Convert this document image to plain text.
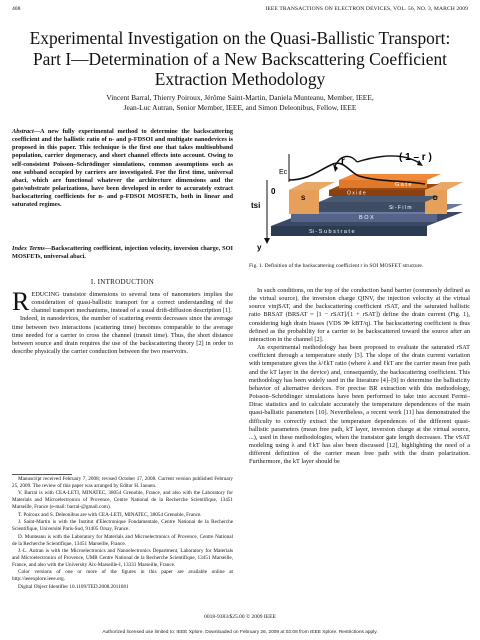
408	IEEE TRANSACTIONS ON ELECTRON DEVICES, VOL. 56, NO. 3, MARCH 2009
Experimental Investigation on the Quasi-Ballistic Transport: Part I—Determination of a New Backscattering Coefficient Extraction Methodology
Vincent Barral, Thierry Poiroux, Jérôme Saint-Martin, Daniela Munteanu, Member, IEEE,
Jean-Luc Autran, Senior Member, IEEE, and Simon Deleonibus, Fellow, IEEE
Abstract—A new fully experimental method to determine the backscattering coefficient and the ballistic ratio of n- and p-FDSOI and multigate nanodevices is proposed in this paper. This technique is the first one that takes multisubband population, carrier degeneracy, and short channel effects into account. Owing to self-consistent Poisson–Schrödinger simulations, common assumptions such as one subband occupied by carriers are investigated. For the first time, universal abaci, which are functional whatever the architecture dimensions and the gate/substrate polarizations, have been developed in order to accurately extract backscattering coefficients for n- and p-FDSOI MOSFETs, both in linear and saturated regimes.
Index Terms—Backscattering coefficient, injection velocity, inversion charge, SOI MOSFETs, universal abaci.
I. INTRODUCTION

REDUCING transistor dimensions to several tens of nanometers implies the consideration of quasi-ballistic transport for a correct understanding of the channel transport mechanisms, instead of a usual drift-diffusion description [1].

Indeed, in nanodevices, the number of scattering events decreases since the average time between two interactions (scattering time) becomes comparable to the average time needed for a carrier to cross the channel (transit time). Thus, the short distance between source and drain requires the use of the backscattering theory [2] in order to describe physically the carrier conduction between the two reservoirs.

Manuscript received February 7, 2008; revised October 17, 2008. Current version published February 25, 2009. The review of this paper was arranged by Editor H. Jaouen.

V. Barral is with CEA-LETI, MINATEC, 38054 Grenoble, France, and also with the Laboratory for Materials and Microelectronics of Provence, Centre National de la Recherche Scientifique, 13451 Marseille, France (e-mail: barral-@gmail.com).

T. Poiroux and S. Deleonibus are with CEA-LETI, MINATEC, 38054 Grenoble, France.

J. Saint-Martin is with the Institut d'Electronique Fondamentale, Centre National de la Recherche Scientifique, Université Paris-Sud, 91405 Orsay, France.

D. Munteanu is with the Laboratory for Materials and Microelectronics of Provence, Centre National de la Recherche Scientifique, 13451 Marseille, France.

J.-L. Autran is with the Microelectronics and Nanoelectronics Department, Laboratory for Materials and Microelectronics of Provence, UMR Centre National de la Recherche Scientifique, 13451 Marseille, France, and also with the University Aix-Marseille-I, 13331 Marseille, France.

Color versions of one or more of the figures in this paper are available online at http://ieeexplore.ieee.org.

Digital Object Identifier 10.1109/TED.2008.2011681

r	( 1 – r )
Ec
0
tsi
y
S	D
G a t e
O x i d e
Si - F i l m
B O X
Si - S u b s t r a t e
Fig. 1. Definition of the backscattering coefficient r in SOI MOSFET structure.

In such conditions, on the top of the conduction band barrier (commonly defined as the virtual source), the inversion charge QINV, the injection velocity at the virtual source vinjSAT, and the backscattering coefficient rSAT, and the saturated ballistic ratio BRSAT (BRSAT = [1 − rSAT]/[1 + rSAT]) define the drain current (Fig. 1), considering high drain biases (VDS ≫ kBT/q). The backscattering coefficient is thus defined as the probability for a carrier to be backscattered toward the source after an interaction in the channel [2].

An experimental methodology has been proposed to evaluate the saturated rSAT coefficient through a temperature study [3]. The slope of the drain current variation with temperature gives the λ/ℓkT ratio (where λ and ℓkT are the carrier mean free path and the kT layer in the device) and, consequently, the backscattering coefficient. This methodology has been widely used in the literature [4]–[9] to determine the ballisticity behavior of alternative devices. For precise BR extraction with this methodology, Poisson–Schrödinger simulations have been performed to take into account Fermi–Dirac statistics and to calculate accurately the temperature dependences of the main quasi-ballistic parameters [10]. Nevertheless, a recent work [11] has demonstrated the difficulty to correctly extract the temperature dependences of the different quasi-ballistic parameters (mean free path, kT layer, inversion charge at the virtual source, ...), used in these methodologies, when the transistor gate length decreases. The vSAT modeling using λ and ℓkT has also been discussed [12], highlighting the need of a different definition of the carrier mean free path with the drain polarization. Furthermore, the kT layer should be

0018-9383/$25.00 © 2009 IEEE
Authorized licensed use limited to: IEEE Xplore. Downloaded on February 26, 2009 at 02:08 from IEEE Xplore. Restrictions apply.
